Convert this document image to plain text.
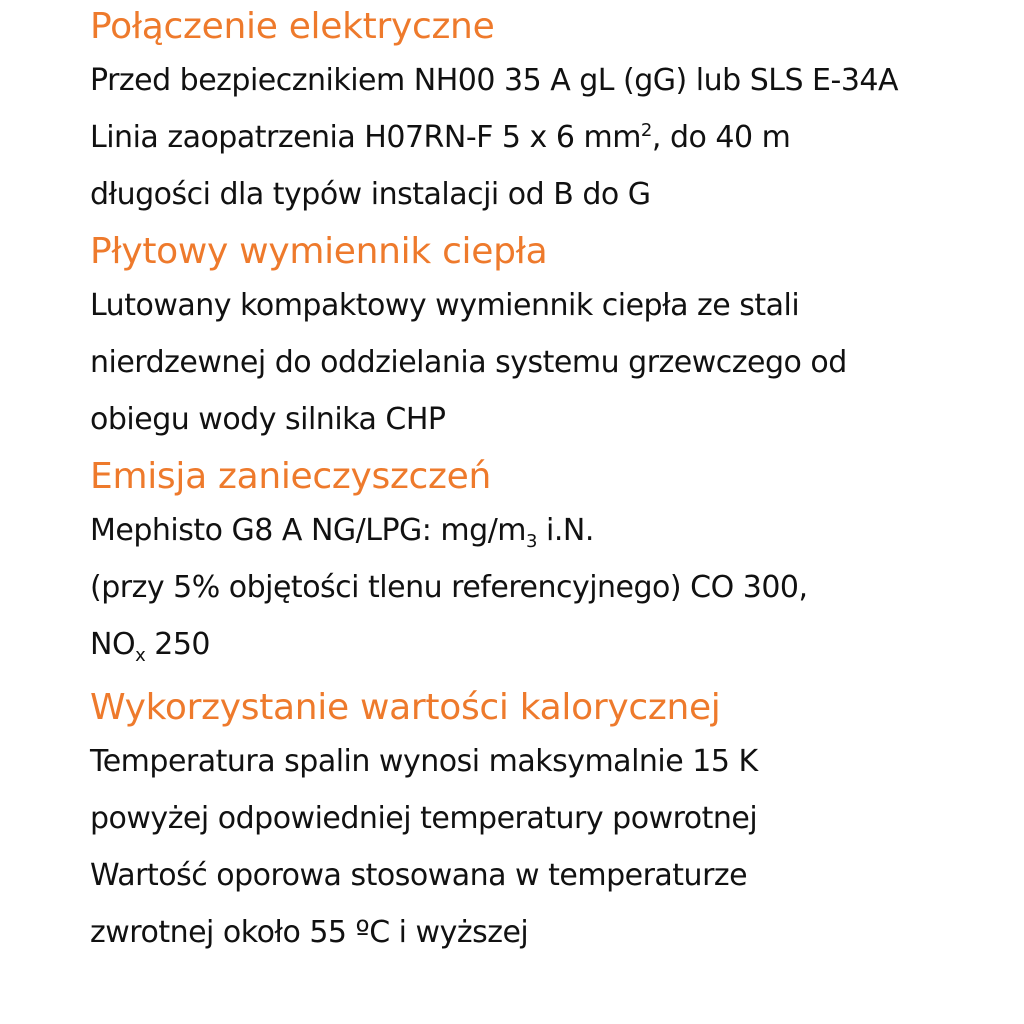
Połączenie elektryczne
Przed bezpiecznikiem NH00 35 A gL (gG) lub SLS E-34A
Linia zaopatrzenia H07RN-F 5 x 6 $mm^2$, do 40 m
długości dla typów instalacji od B do G
Płytowy wymiennik ciepła
Lutowany kompaktowy wymiennik ciepła ze stali
nierdzewnej do oddzielania systemu grzewczego od
obiegu wody silnika CHP
Emisja zanieczyszczeń
Mephisto G8 A NG/LPG: $mg/m_3$ i.N.
(przy 5% objętości tlenu referencyjnego) CO 300,
$NO_x$ 250
Wykorzystanie wartości kalorycznej
Temperatura spalin wynosi maksymalnie 15 K
powyżej odpowiedniej temperatury powrotnej
Wartość oporowa stosowana w temperaturze
zwrotnej około 55 ºC i wyższej
